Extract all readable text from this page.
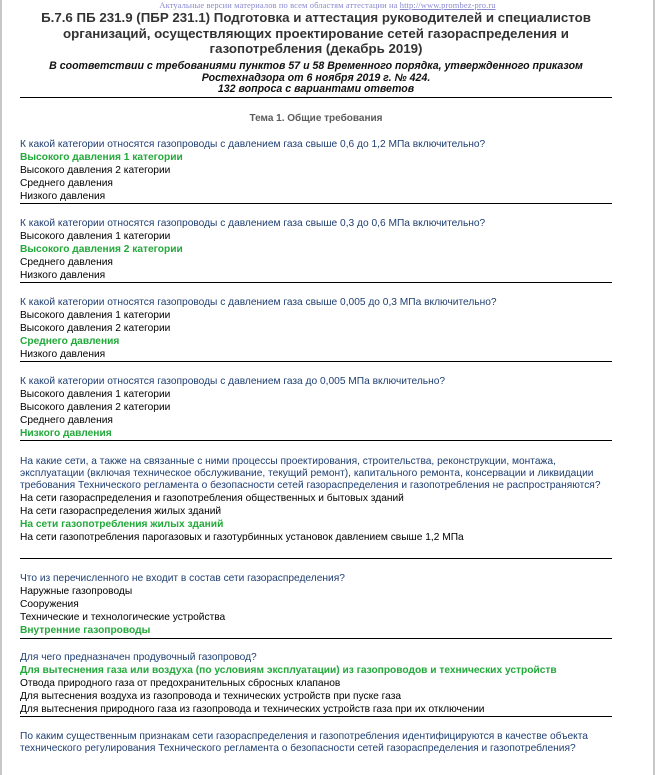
Актуальные версии материалов по всем областям аттестации на http://www.prombez-pro.ru
Б.7.6 ПБ 231.9 (ПБР 231.1) Подготовка и аттестация руководителей и специалистов организаций, осуществляющих проектирование сетей газораспределения и газопотребления (декабрь 2019)
В соответствии с требованиями пунктов 57 и 58 Временного порядка, утвержденного приказом
Ростехнадзора от 6 ноября 2019 г. № 424.
132 вопроса с вариантами ответов
Тема 1. Общие требования
К какой категории относятся газопроводы с давлением газа свыше 0,6 до 1,2 МПа включительно?
Высокого давления 1 категории
Высокого давления 2 категории
Среднего давления
Низкого давления
К какой категории относятся газопроводы с давлением газа свыше 0,3 до 0,6 МПа включительно?
Высокого давления 1 категории
Высокого давления 2 категории
Среднего давления
Низкого давления
К какой категории относятся газопроводы с давлением газа свыше 0,005 до 0,3 МПа включительно?
Высокого давления 1 категории
Высокого давления 2 категории
Среднего давления
Низкого давления
К какой категории относятся газопроводы с давлением газа до 0,005 МПа включительно?
Высокого давления 1 категории
Высокого давления 2 категории
Среднего давления
Низкого давления
На какие сети, а также на связанные с ними процессы проектирования, строительства, реконструкции, монтажа, эксплуатации (включая техническое обслуживание, текущий ремонт), капитального ремонта, консервации и ликвидации требования Технического регламента о безопасности сетей газораспределения и газопотребления не распространяются?
На сети газораспределения и газопотребления общественных и бытовых зданий
На сети газораспределения жилых зданий
На сети газопотребления жилых зданий
На сети газопотребления парогазовых и газотурбинных установок давлением свыше 1,2 МПа
Что из перечисленного не входит в состав сети газораспределения?
Наружные газопроводы
Сооружения
Технические и технологические устройства
Внутренние газопроводы
Для чего предназначен продувочный газопровод?
Для вытеснения газа или воздуха (по условиям эксплуатации) из газопроводов и технических устройств
Отвода природного газа от предохранительных сбросных клапанов
Для вытеснения воздуха из газопровода и технических устройств при пуске газа
Для вытеснения природного газа из газопровода и технических устройств газа при их отключении
По каким существенным признакам сети газораспределения и газопотребления идентифицируются в качестве объекта технического регулирования Технического регламента о безопасности сетей газораспределения и газопотребления?
